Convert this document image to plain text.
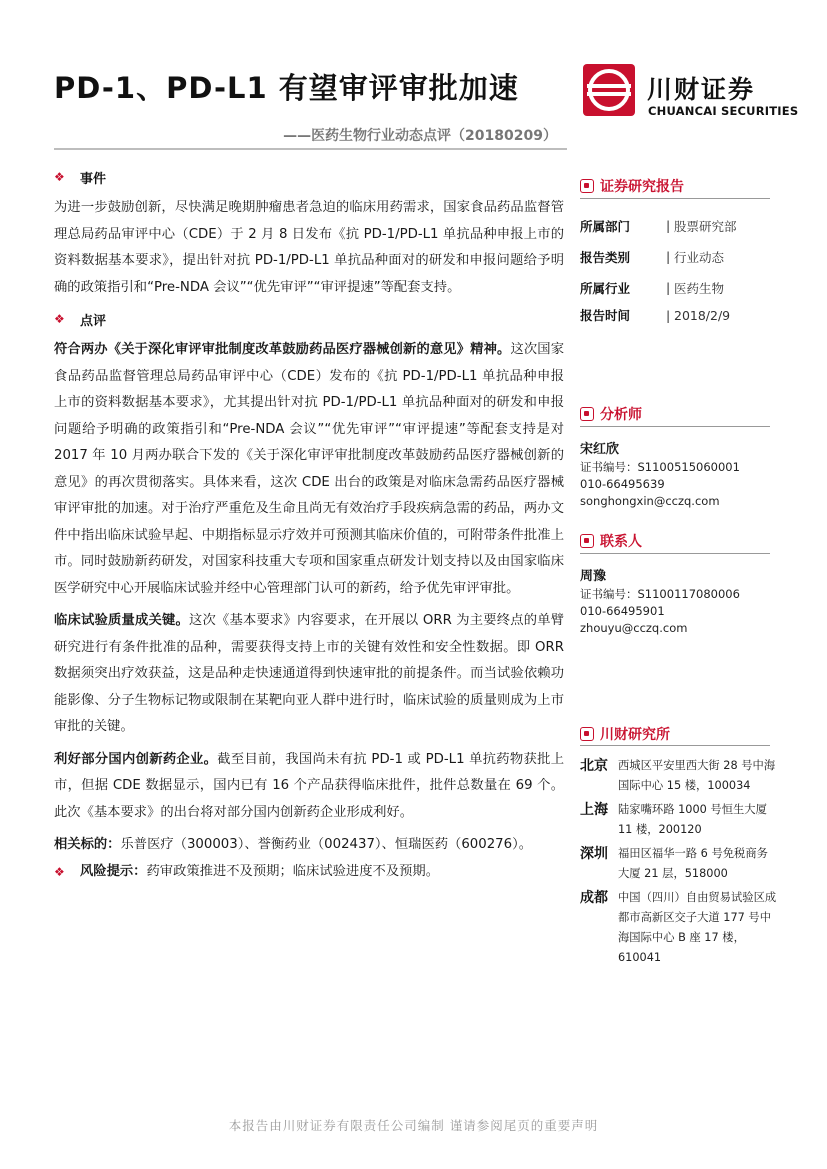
PD-1、PD-L1 有望审评审批加速
——医药生物行业动态点评（20180209）
川财证券
CHUANCAI SECURITIES
❖	事件

为进一步鼓励创新，尽快满足晚期肿瘤患者急迫的临床用药需求，国家食品药品监督管理总局药品审评中心（CDE）于 2 月 8 日发布《抗 PD-1/PD-L1 单抗品种申报上市的资料数据基本要求》，提出针对抗 PD-1/PD-L1 单抗品种面对的研发和申报问题给予明确的政策指引和“Pre-NDA 会议”“优先审评”“审评提速”等配套支持。

❖	点评

符合两办《关于深化审评审批制度改革鼓励药品医疗器械创新的意见》精神。这次国家食品药品监督管理总局药品审评中心（CDE）发布的《抗 PD-1/PD-L1 单抗品种申报上市的资料数据基本要求》，尤其提出针对抗 PD-1/PD-L1 单抗品种面对的研发和申报问题给予明确的政策指引和“Pre-NDA 会议”“优先审评”“审评提速”等配套支持是对 2017 年 10 月两办联合下发的《关于深化审评审批制度改革鼓励药品医疗器械创新的意见》的再次贯彻落实。具体来看，这次 CDE 出台的政策是对临床急需药品医疗器械审评审批的加速。对于治疗严重危及生命且尚无有效治疗手段疾病急需的药品，两办文件中指出临床试验早起、中期指标显示疗效并可预测其临床价值的，可附带条件批准上市。同时鼓励新药研发，对国家科技重大专项和国家重点研发计划支持以及由国家临床医学研究中心开展临床试验并经中心管理部门认可的新药，给予优先审评审批。

临床试验质量成关键。这次《基本要求》内容要求，在开展以 ORR 为主要终点的单臂研究进行有条件批准的品种，需要获得支持上市的关键有效性和安全性数据。即 ORR 数据须突出疗效获益，这是品种走快速通道得到快速审批的前提条件。而当试验依赖功能影像、分子生物标记物或限制在某靶向亚人群中进行时，临床试验的质量则成为上市审批的关键。

利好部分国内创新药企业。截至目前，我国尚未有抗 PD-1 或 PD-L1 单抗药物获批上市，但据 CDE 数据显示，国内已有 16 个产品获得临床批件，批件总数量在 69 个。此次《基本要求》的出台将对部分国内创新药企业形成利好。

相关标的：乐普医疗（300003）、誉衡药业（002437）、恒瑞医药（600276）。

❖	风险提示：药审政策推进不及预期；临床试验进度不及预期。
证券研究报告
所属部门	| 股票研究部
报告类别	| 行业动态
所属行业	| 医药生物
报告时间	| 2018/2/9
分析师
宋红欣
证书编号：S1100515060001
010-66495639
songhongxin@cczq.com
联系人
周豫
证书编号：S1100117080006
010-66495901
zhouyu@cczq.com
川财研究所
北京 西城区平安里西大街 28 号中海国际中心 15 楼，100034
上海 陆家嘴环路 1000 号恒生大厦 11 楼，200120
深圳 福田区福华一路 6 号免税商务大厦 21 层，518000
成都 中国（四川）自由贸易试验区成都市高新区交子大道 177 号中海国际中心 B 座 17 楼，610041
本报告由川财证券有限责任公司编制 谨请参阅尾页的重要声明
